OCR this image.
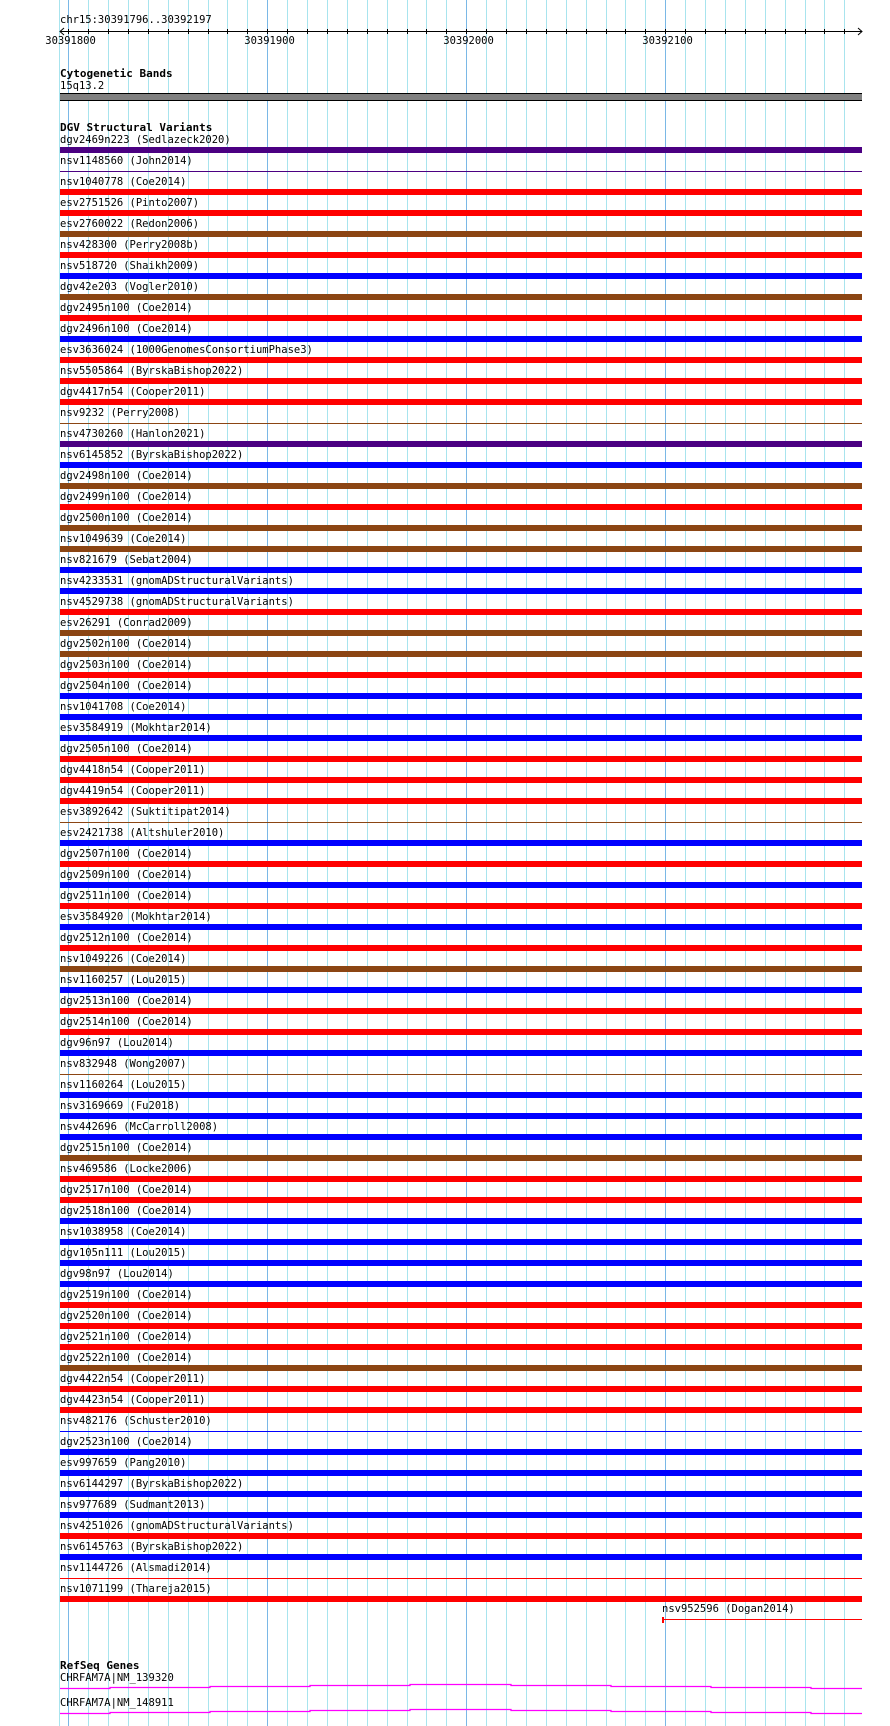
chr15:30391796..30392197
30391800	30391900	30392000	30392100
Cytogenetic Bands
15q13.2
DGV Structural Variants
dgv2469n223 (Sedlazeck2020)
nsv1148560 (John2014)
nsv1040778 (Coe2014)
esv2751526 (Pinto2007)
esv2760022 (Redon2006)
nsv428300 (Perry2008b)
nsv518720 (Shaikh2009)
dgv42e203 (Vogler2010)
dgv2495n100 (Coe2014)
dgv2496n100 (Coe2014)
esv3636024 (1000GenomesConsortiumPhase3)
nsv5505864 (ByrskaBishop2022)
dgv4417n54 (Cooper2011)
nsv9232 (Perry2008)
nsv4730260 (Hanlon2021)
nsv6145852 (ByrskaBishop2022)
dgv2498n100 (Coe2014)
dgv2499n100 (Coe2014)
dgv2500n100 (Coe2014)
nsv1049639 (Coe2014)
nsv821679 (Sebat2004)
nsv4233531 (gnomADStructuralVariants)
nsv4529738 (gnomADStructuralVariants)
esv26291 (Conrad2009)
dgv2502n100 (Coe2014)
dgv2503n100 (Coe2014)
dgv2504n100 (Coe2014)
nsv1041708 (Coe2014)
esv3584919 (Mokhtar2014)
dgv2505n100 (Coe2014)
dgv4418n54 (Cooper2011)
dgv4419n54 (Cooper2011)
esv3892642 (Suktitipat2014)
esv2421738 (Altshuler2010)
dgv2507n100 (Coe2014)
dgv2509n100 (Coe2014)
dgv2511n100 (Coe2014)
esv3584920 (Mokhtar2014)
dgv2512n100 (Coe2014)
nsv1049226 (Coe2014)
nsv1160257 (Lou2015)
dgv2513n100 (Coe2014)
dgv2514n100 (Coe2014)
dgv96n97 (Lou2014)
nsv832948 (Wong2007)
nsv1160264 (Lou2015)
nsv3169669 (Fu2018)
nsv442696 (McCarroll2008)
dgv2515n100 (Coe2014)
nsv469586 (Locke2006)
dgv2517n100 (Coe2014)
dgv2518n100 (Coe2014)
nsv1038958 (Coe2014)
dgv105n111 (Lou2015)
dgv98n97 (Lou2014)
dgv2519n100 (Coe2014)
dgv2520n100 (Coe2014)
dgv2521n100 (Coe2014)
dgv2522n100 (Coe2014)
dgv4422n54 (Cooper2011)
dgv4423n54 (Cooper2011)
nsv482176 (Schuster2010)
dgv2523n100 (Coe2014)
esv997659 (Pang2010)
nsv6144297 (ByrskaBishop2022)
nsv977689 (Sudmant2013)
nsv4251026 (gnomADStructuralVariants)
nsv6145763 (ByrskaBishop2022)
nsv1144726 (Alsmadi2014)
nsv1071199 (Thareja2015)
nsv952596 (Dogan2014)
RefSeq Genes
CHRFAM7A|NM_139320
CHRFAM7A|NM_148911
